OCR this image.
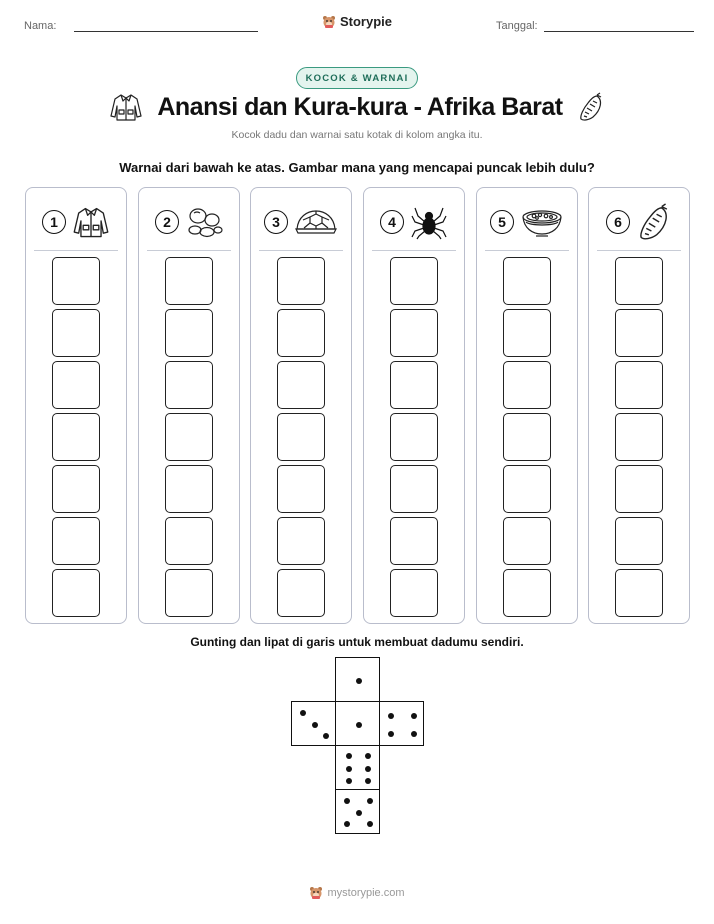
Nama:	Storypie	Tanggal:
KOCOK & WARNAI
Anansi dan Kura-kura - Afrika Barat
Kocok dadu dan warnai satu kotak di kolom angka itu.
Warnai dari bawah ke atas. Gambar mana yang mencapai puncak lebih dulu?
1	2	3	4	5	6
Gunting dan lipat di garis untuk membuat dadumu sendiri.
mystorypie.com
